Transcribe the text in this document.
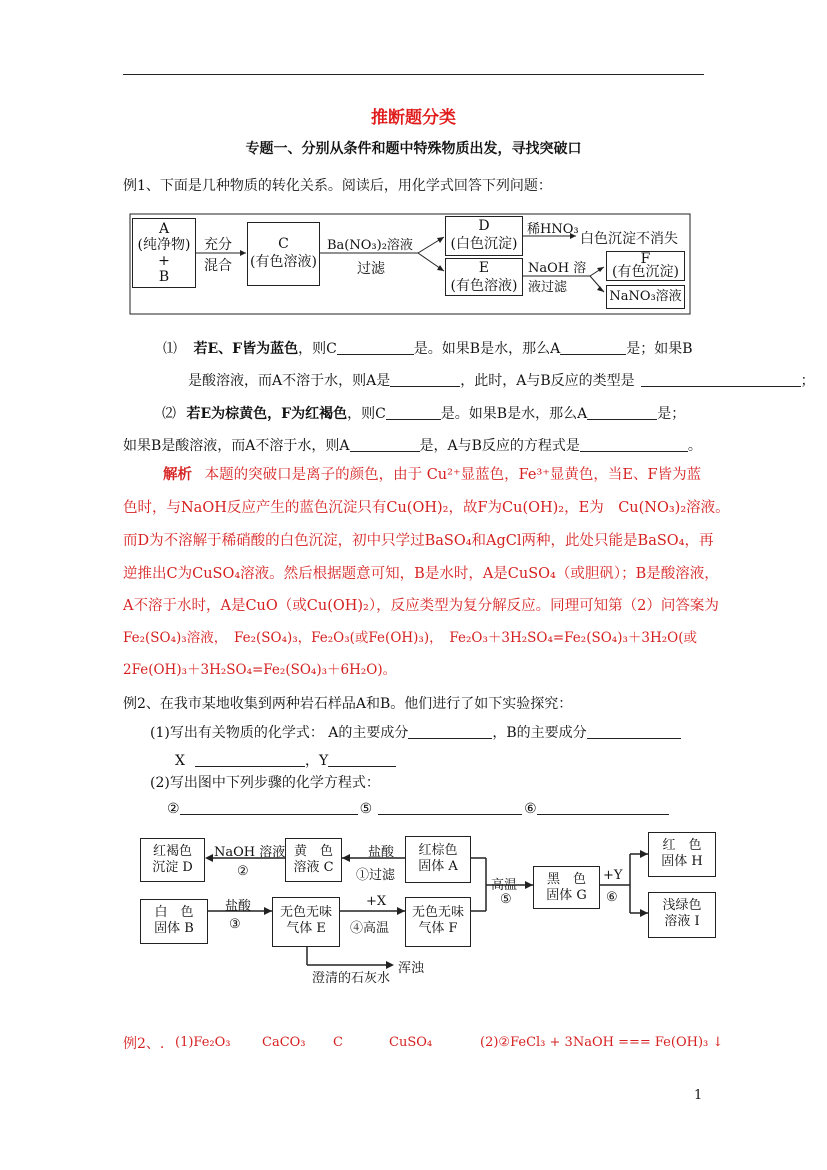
推断题分类
专题一、分别从条件和题中特殊物质出发，寻找突破口
例1、下面是几种物质的转化关系。阅读后，用化学式回答下列问题：
A
(纯净物)
+
B
充分
混合
C
(有色溶液)
Ba(NO₃)₂溶液
过滤
D
(白色沉淀)
稀HNO₃
白色沉淀不消失
E
(有色溶液)
NaOH 溶
液过滤
F
(有色沉淀)
NaNO₃溶液
⑴ 若E、F皆为蓝色，则C	是。如果B是水，那么A	是；如果B
是酸溶液，而A不溶于水，则A是	，此时，A与B反应的类型是	；
⑵ 若E为棕黄色，F为红褐色，则C	是。如果B是水，那么A	是；
如果B是酸溶液，而A不溶于水，则A	是，A与B反应的方程式是	。
解析 本题的突破口是离子的颜色，由于 Cu²⁺显蓝色，Fe³⁺显黄色，当E、F皆为蓝
色时，与NaOH反应产生的蓝色沉淀只有Cu(OH)₂，故F为Cu(OH)₂，E为　Cu(NO₃)₂溶液。
而D为不溶解于稀硝酸的白色沉淀，初中只学过BaSO₄和AgCl两种，此处只能是BaSO₄，再
逆推出C为CuSO₄溶液。然后根据题意可知，B是水时，A是CuSO₄（或胆矾）；B是酸溶液，
A不溶于水时，A是CuO（或Cu(OH)₂），反应类型为复分解反应。同理可知第（2）问答案为
Fe₂(SO₄)₃溶液，　Fe₂(SO₄)₃，Fe₂O₃(或Fe(OH)₃)，　Fe₂O₃＋3H₂SO₄=Fe₂(SO₄)₃＋3H₂O(或
2Fe(OH)₃＋3H₂SO₄=Fe₂(SO₄)₃＋6H₂O)。
例2、在我市某地收集到两种岩石样品A和B。他们进行了如下实验探究：
(1)写出有关物质的化学式： A的主要成分	，B的主要成分
X	，Y
(2)写出图中下列步骤的化学方程式：
②	⑤	⑥
红褐色
沉淀 D
NaOH 溶液
②
黄　色
溶液 C
盐酸
①过滤
红棕色
固体 A
高温
⑤
黑　色
固体 G
+Y
⑥
红　色
固体 H
浅绿色
溶液 I
白　色
固体 B
盐酸
③
无色无味
气体 E
+X
④高温
无色无味
气体 F
澄清的石灰水
浑浊
例2、. (1)Fe₂O₃ CaCO₃ C	CuSO₄	(2)②FeCl₃ + 3NaOH === Fe(OH)₃ ↓
1
